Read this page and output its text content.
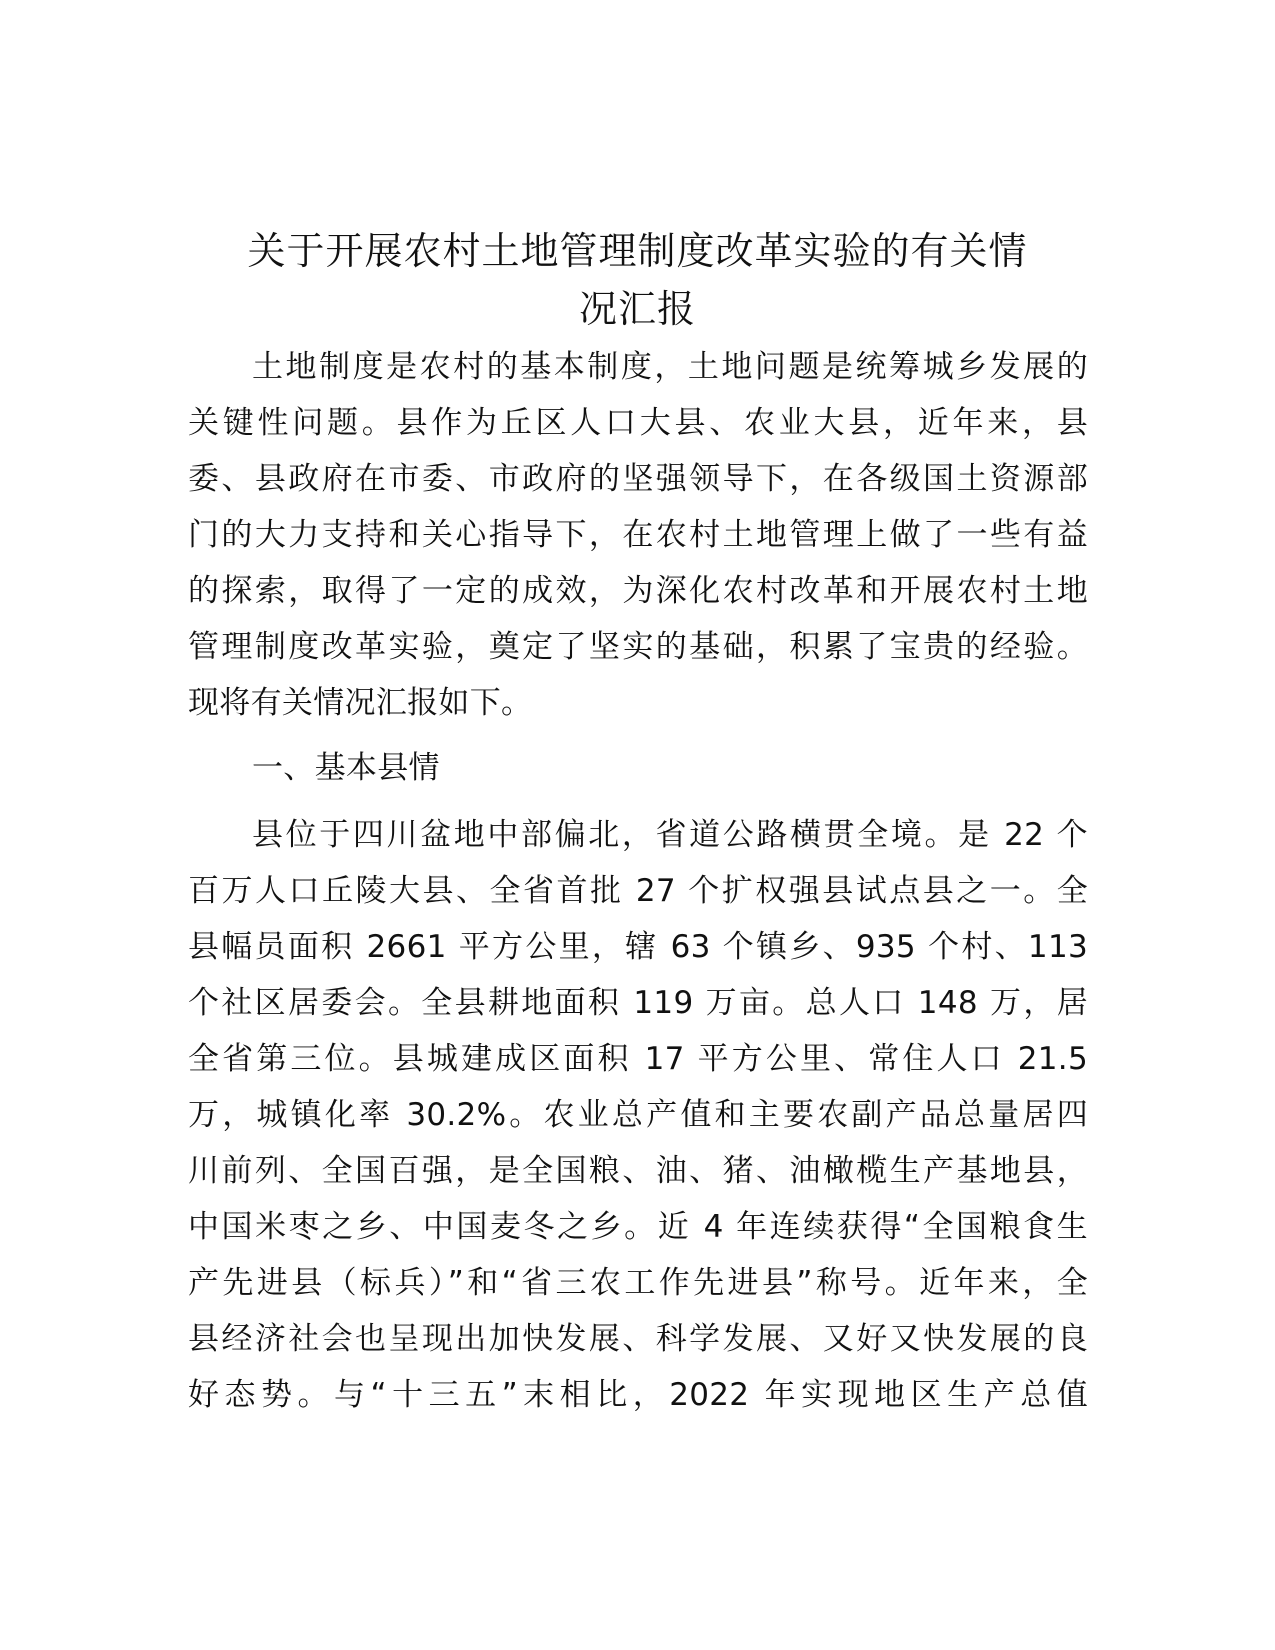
关于开展农村土地管理制度改革实验的有关情
况汇报
土地制度是农村的基本制度，土地问题是统筹城乡发展的
关键性问题。县作为丘区人口大县、农业大县，近年来，县
委、县政府在市委、市政府的坚强领导下，在各级国土资源部
门的大力支持和关心指导下，在农村土地管理上做了一些有益
的探索，取得了一定的成效，为深化农村改革和开展农村土地
管理制度改革实验，奠定了坚实的基础，积累了宝贵的经验。
现将有关情况汇报如下。
一、基本县情
县位于四川盆地中部偏北，省道公路横贯全境。是 22 个
百万人口丘陵大县、全省首批 27 个扩权强县试点县之一。全
县幅员面积 2661 平方公里，辖 63 个镇乡、935 个村、113
个社区居委会。全县耕地面积 119 万亩。总人口 148 万，居
全省第三位。县城建成区面积 17 平方公里、常住人口 21.5
万，城镇化率 30.2%。农业总产值和主要农副产品总量居四
川前列、全国百强，是全国粮、油、猪、油橄榄生产基地县，
中国米枣之乡、中国麦冬之乡。近 4 年连续获得“全国粮食生
产先进县（标兵）”和“省三农工作先进县”称号。近年来，全
县经济社会也呈现出加快发展、科学发展、又好又快发展的良
好态势。与“十三五”末相比，2022 年实现地区生产总值
